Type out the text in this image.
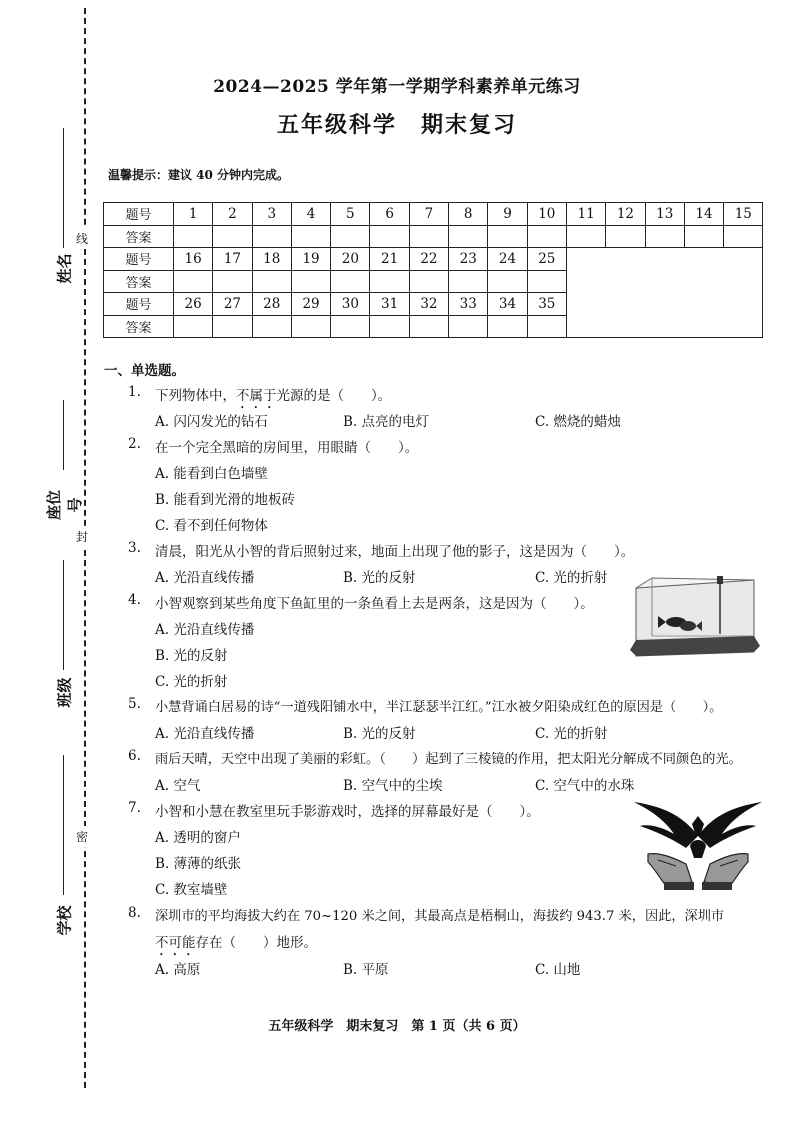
线
封
密
姓名
座位号
班级
学校
2024—2025 学年第一学期学科素养单元练习
五年级科学　期末复习
温馨提示：建议 40 分钟内完成。
题号	1	2	3	4	5	6	7	8	9	10	11	12	13	14	15
答案															
题号	16	17	18	19	20	21	22	23	24	25					
答案															
题号	26	27	28	29	30	31	32	33	34	35					
答案															
一、单选题。
1. 下列物体中，不属于光源的是（　　）。
A. 闪闪发光的钻石	B. 点亮的电灯	C. 燃烧的蜡烛
2. 在一个完全黑暗的房间里，用眼睛（　　）。
A. 能看到白色墙壁
B. 能看到光滑的地板砖
C. 看不到任何物体
3. 清晨，阳光从小智的背后照射过来，地面上出现了他的影子，这是因为（　　）。
A. 光沿直线传播	B. 光的反射	C. 光的折射
4. 小智观察到某些角度下鱼缸里的一条鱼看上去是两条，这是因为（　　）。
A. 光沿直线传播
B. 光的反射
C. 光的折射
5. 小慧背诵白居易的诗“一道残阳铺水中，半江瑟瑟半江红。”江水被夕阳染成红色的原因是（　　）。
A. 光沿直线传播	B. 光的反射	C. 光的折射
6. 雨后天晴，天空中出现了美丽的彩虹。（　　）起到了三棱镜的作用，把太阳光分解成不同颜色的光。
A. 空气	B. 空气中的尘埃	C. 空气中的水珠
7. 小智和小慧在教室里玩手影游戏时，选择的屏幕最好是（　　）。
A. 透明的窗户
B. 薄薄的纸张
C. 教室墙壁
8. 深圳市的平均海拔大约在 70~120 米之间，其最高点是梧桐山，海拔约 943.7 米，因此，深圳市
不可能存在（　　）地形。
A. 高原	B. 平原	C. 山地
五年级科学　期末复习　第 1 页（共 6 页）
